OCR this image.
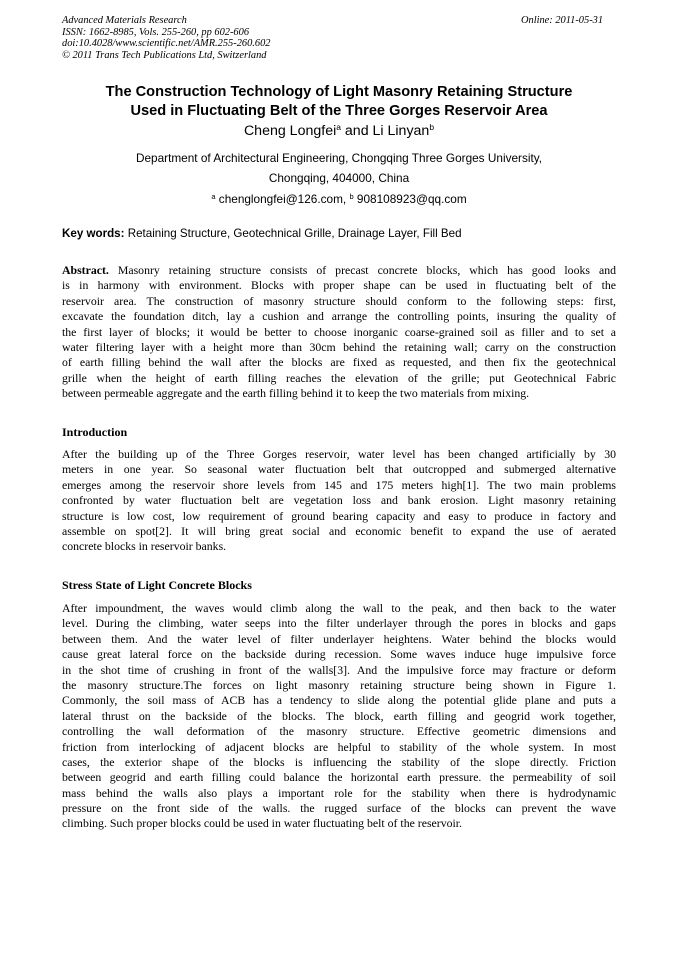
Advanced Materials Research
ISSN: 1662-8985, Vols. 255-260, pp 602-606
doi:10.4028/www.scientific.net/AMR.255-260.602
© 2011 Trans Tech Publications Ltd, Switzerland
Online: 2011-05-31
The Construction Technology of Light Masonry Retaining Structure
Used in Fluctuating Belt of the Three Gorges Reservoir Area
Cheng Longfei$^a$ and Li Linyan$^b$
Department of Architectural Engineering, Chongqing Three Gorges University,
Chongqing, 404000, China
$^a$ chenglongfei@126.com, $^b$ 908108923@qq.com
Key words: Retaining Structure, Geotechnical Grille, Drainage Layer, Fill Bed
Abstract. Masonry retaining structure consists of precast concrete blocks, which has good looks and
is in harmony with environment. Blocks with proper shape can be used in fluctuating belt of the
reservoir area. The construction of masonry structure should conform to the following steps: first,
excavate the foundation ditch, lay a cushion and arrange the controlling points, insuring the quality of
the first layer of blocks; it would be better to choose inorganic coarse-grained soil as filler and to set a
water filtering layer with a height more than 30cm behind the retaining wall; carry on the construction
of earth filling behind the wall after the blocks are fixed as requested, and then fix the geotechnical
grille when the height of earth filling reaches the elevation of the grille; put Geotechnical Fabric
between permeable aggregate and the earth filling behind it to keep the two materials from mixing.
Introduction
After the building up of the Three Gorges reservoir, water level has been changed artificially by 30
meters in one year. So seasonal water fluctuation belt that outcropped and submerged alternative
emerges among the reservoir shore levels from 145 and 175 meters high[1]. The two main problems
confronted by water fluctuation belt are vegetation loss and bank erosion. Light masonry retaining
structure is low cost, low requirement of ground bearing capacity and easy to produce in factory and
assemble on spot[2]. It will bring great social and economic benefit to expand the use of aerated
concrete blocks in reservoir banks.
Stress State of Light Concrete Blocks
After impoundment, the waves would climb along the wall to the peak, and then back to the water
level. During the climbing, water seeps into the filter underlayer through the pores in blocks and gaps
between them. And the water level of filter underlayer heightens. Water behind the blocks would
cause great lateral force on the backside during recession. Some waves induce huge impulsive force
in the shot time of crushing in front of the walls[3]. And the impulsive force may fracture or deform
the masonry structure.The forces on light masonry retaining structure being shown in Figure 1.
Commonly, the soil mass of ACB has a tendency to slide along the potential glide plane and puts a
lateral thrust on the backside of the blocks. The block, earth filling and geogrid work together,
controlling the wall deformation of the masonry structure. Effective geometric dimensions and
friction from interlocking of adjacent blocks are helpful to stability of the whole system. In most
cases, the exterior shape of the blocks is influencing the stability of the slope directly. Friction
between geogrid and earth filling could balance the horizontal earth pressure. the permeability of soil
mass behind the walls also plays a important role for the stability when there is hydrodynamic
pressure on the front side of the walls. the rugged surface of the blocks can prevent the wave
climbing. Such proper blocks could be used in water fluctuating belt of the reservoir.
